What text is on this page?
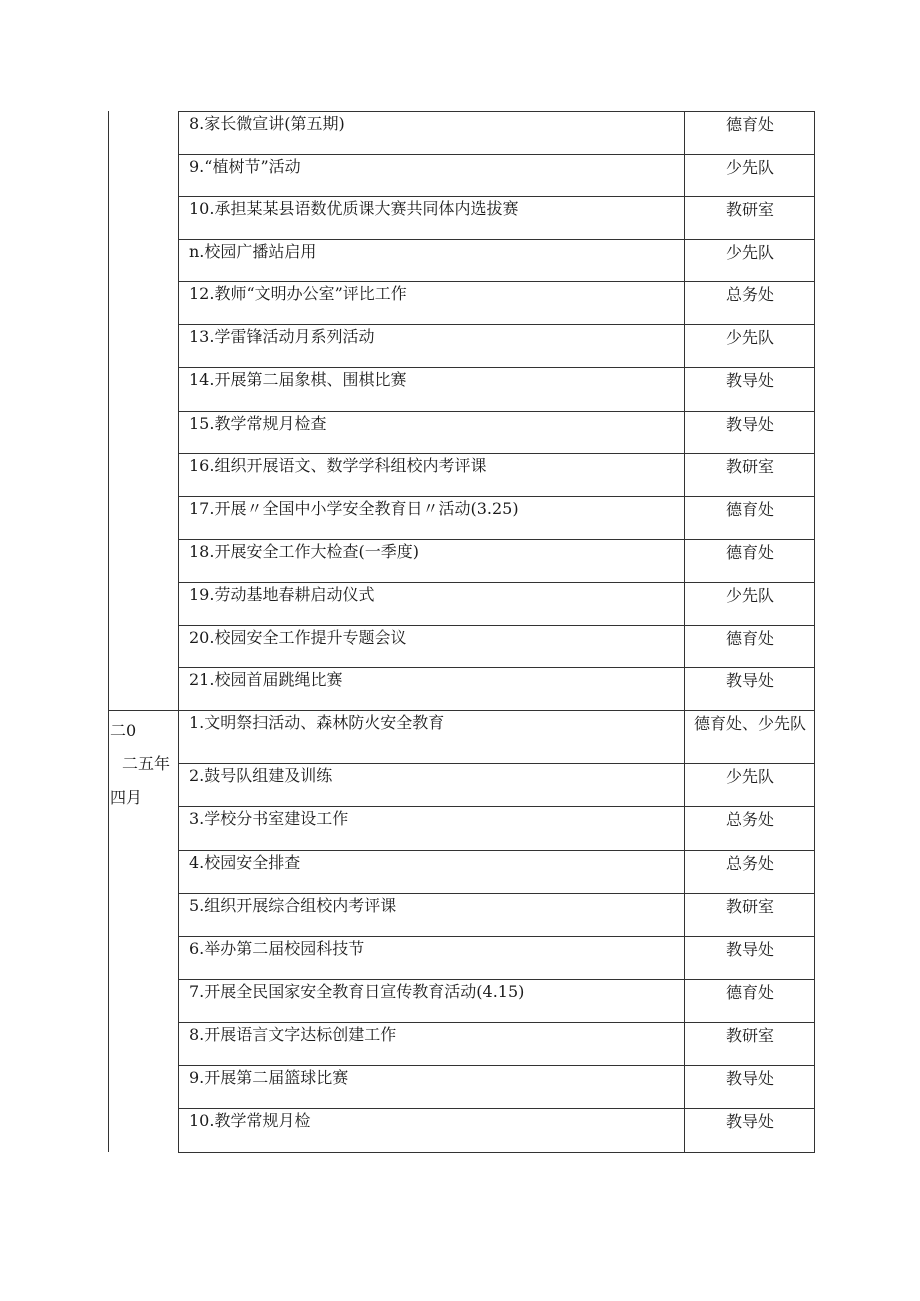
8.家长微宣讲(第五期)	德育处
9.“植树节”活动	少先队
10.承担某某县语数优质课大赛共同体内选拔赛	教研室
n.校园广播站启用	少先队
12.教师“文明办公室”评比工作	总务处
13.学雷锋活动月系列活动	少先队
14.开展第二届象棋、围棋比赛	教导处
15.教学常规月检查	教导处
16.组织开展语文、数学学科组校内考评课	教研室
17.开展〃全国中小学安全教育日〃活动(3.25)	德育处
18.开展安全工作大检查(一季度)	德育处
19.劳动基地春耕启动仪式	少先队
20.校园安全工作提升专题会议	德育处
21.校园首届跳绳比赛	教导处
1.文明祭扫活动、森林防火安全教育	德育处、少先队
2.鼓号队组建及训练	少先队
3.学校分书室建设工作	总务处
4.校园安全排查	总务处
5.组织开展综合组校内考评课	教研室
6.举办第二届校园科技节	教导处
7.开展全民国家安全教育日宣传教育活动(4.15)	德育处
8.开展语言文字达标创建工作	教研室
9.开展第二届篮球比赛	教导处
10.教学常规月检	教导处
二0
二五年
四月
